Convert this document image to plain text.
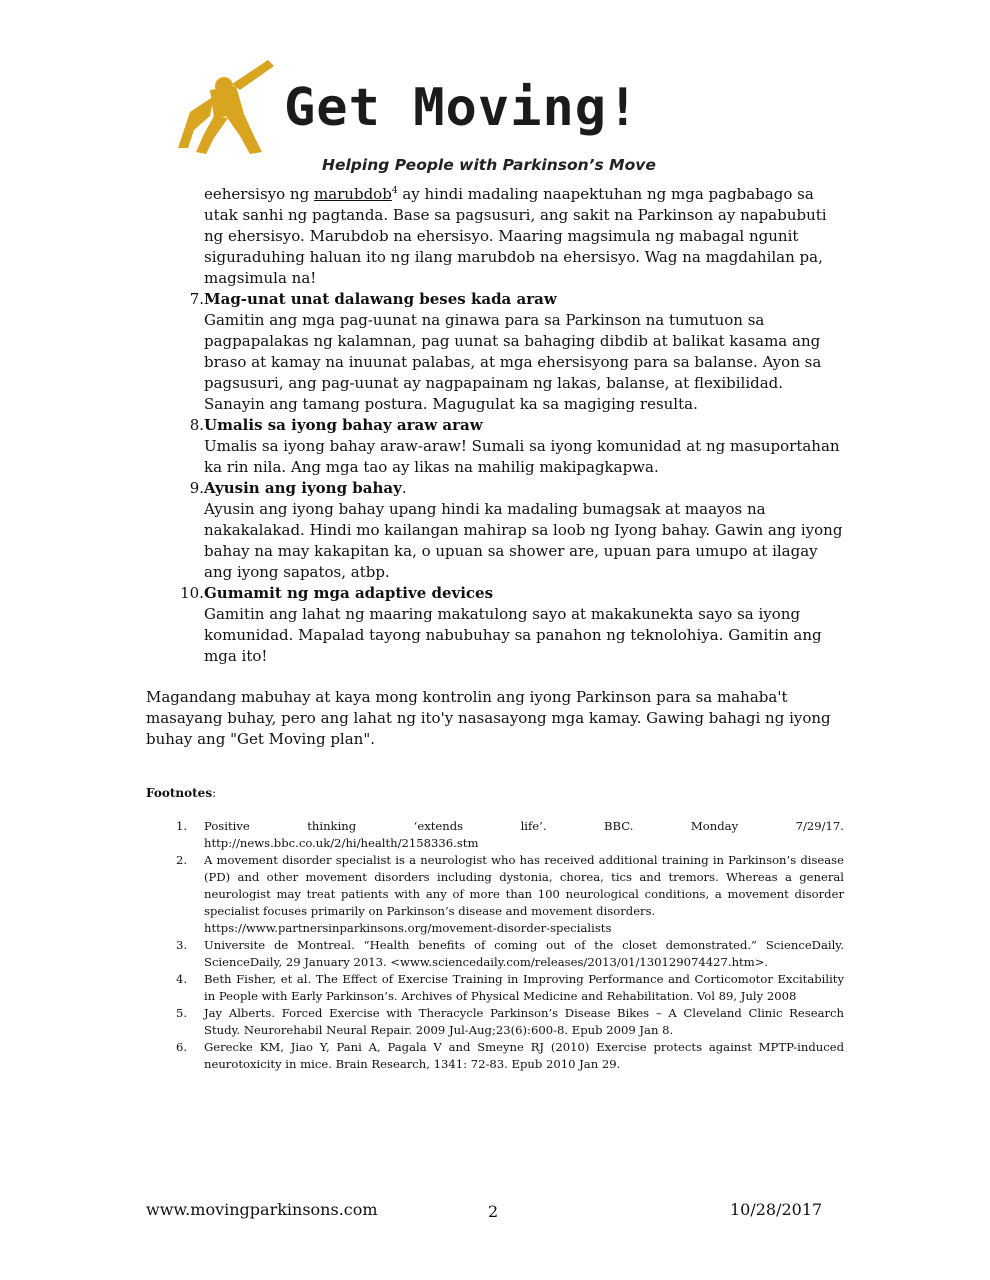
Get Moving!

Helping People with Parkinson’s Move

eehersisyo ng marubdob$^4$ ay hindi madaling naapektuhan ng mga pagbabago sa utak sanhi ng pagtanda. Base sa pagsusuri, ang sakit na Parkinson ay napabubuti ng ehersisyo. Marubdob na ehersisyo. Maaring magsimula ng mabagal ngunit siguraduhing haluan ito ng ilang marubdob na ehersisyo. Wag na magdahilan pa, magsimula na!
7. Mag-unat unat dalawang beses kada araw
Gamitin ang mga pag-uunat na ginawa para sa Parkinson na tumutuon sa pagpapalakas ng kalamnan, pag uunat sa bahaging dibdib at balikat kasama ang braso at kamay na inuunat palabas, at mga ehersisyong para sa balanse. Ayon sa pagsusuri, ang pag-uunat ay nagpapainam ng lakas, balanse, at flexibilidad. Sanayin ang tamang postura. Magugulat ka sa magiging resulta.
8. Umalis sa iyong bahay araw araw
Umalis sa iyong bahay araw-araw! Sumali sa iyong komunidad at ng masuportahan ka rin nila. Ang mga tao ay likas na mahilig makipagkapwa.
9. Ayusin ang iyong bahay.
Ayusin ang iyong bahay upang hindi ka madaling bumagsak at maayos na nakakalakad. Hindi mo kailangan mahirap sa loob ng Iyong bahay. Gawin ang iyong bahay na may kakapitan ka, o upuan sa shower are, upuan para umupo at ilagay ang iyong sapatos, atbp.
10. Gumamit ng mga adaptive devices
Gamitin ang lahat ng maaring makatulong sayo at makakunekta sayo sa iyong komunidad. Mapalad tayong nabubuhay sa panahon ng teknolohiya. Gamitin ang mga ito!

Magandang mabuhay at kaya mong kontrolin ang iyong Parkinson para sa mahaba't masayang buhay, pero ang lahat ng ito'y nasasayong mga kamay. Gawing bahagi ng iyong buhay ang "Get Moving plan".

Footnotes:

1. Positive thinking ‘extends life’. BBC. Monday 7/29/17.
http://news.bbc.co.uk/2/hi/health/2158336.stm
2. A movement disorder specialist is a neurologist who has received additional training in Parkinson’s disease (PD) and other movement disorders including dystonia, chorea, tics and tremors. Whereas a general neurologist may treat patients with any of more than 100 neurological conditions, a movement disorder specialist focuses primarily on Parkinson’s disease and movement disorders.
https://www.partnersinparkinsons.org/movement-disorder-specialists
3. Universite de Montreal. “Health benefits of coming out of the closet demonstrated.” ScienceDaily. ScienceDaily, 29 January 2013. <www.sciencedaily.com/releases/2013/01/130129074427.htm>.
4. Beth Fisher, et al. The Effect of Exercise Training in Improving Performance and Corticomotor Excitability in People with Early Parkinson’s. Archives of Physical Medicine and Rehabilitation. Vol 89, July 2008
5. Jay Alberts. Forced Exercise with Theracycle Parkinson’s Disease Bikes – A Cleveland Clinic Research Study. Neurorehabil Neural Repair. 2009 Jul-Aug;23(6):600-8. Epub 2009 Jan 8.
6. Gerecke KM, Jiao Y, Pani A, Pagala V and Smeyne RJ (2010) Exercise protects against MPTP-induced neurotoxicity in mice. Brain Research, 1341: 72-83. Epub 2010 Jan 29.
www.movingparkinsons.com	2	10/28/2017
